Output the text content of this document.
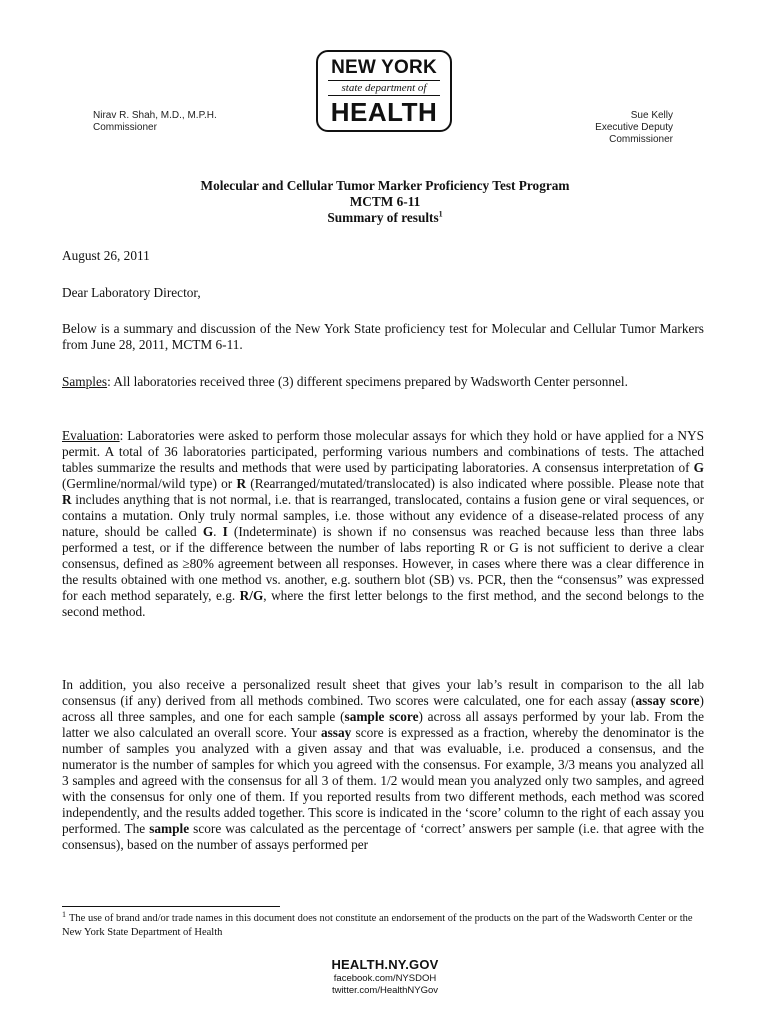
NEW YORK
state department of
HEALTH
Nirav R. Shah, M.D., M.P.H.
Commissioner
Sue Kelly
Executive Deputy Commissioner
Molecular and Cellular Tumor Marker Proficiency Test Program
MCTM 6-11
Summary of results$^1$
August 26, 2011
Dear Laboratory Director,
Below is a summary and discussion of the New York State proficiency test for Molecular and Cellular Tumor Markers from June 28, 2011, MCTM 6-11.
Samples: All laboratories received three (3) different specimens prepared by Wadsworth Center personnel.
Evaluation: Laboratories were asked to perform those molecular assays for which they hold or have applied for a NYS permit. A total of 36 laboratories participated, performing various numbers and combinations of tests. The attached tables summarize the results and methods that were used by participating laboratories. A consensus interpretation of G (Germline/normal/wild type) or R (Rearranged/mutated/translocated) is also indicated where possible. Please note that R includes anything that is not normal, i.e. that is rearranged, translocated, contains a fusion gene or viral sequences, or contains a mutation. Only truly normal samples, i.e. those without any evidence of a disease-related process of any nature, should be called G. I (Indeterminate) is shown if no consensus was reached because less than three labs performed a test, or if the difference between the number of labs reporting R or G is not sufficient to derive a clear consensus, defined as ≥80% agreement between all responses. However, in cases where there was a clear difference in the results obtained with one method vs. another, e.g. southern blot (SB) vs. PCR, then the “consensus” was expressed for each method separately, e.g. R/G, where the first letter belongs to the first method, and the second belongs to the second method.
In addition, you also receive a personalized result sheet that gives your lab’s result in comparison to the all lab consensus (if any) derived from all methods combined. Two scores were calculated, one for each assay (assay score) across all three samples, and one for each sample (sample score) across all assays performed by your lab. From the latter we also calculated an overall score. Your assay score is expressed as a fraction, whereby the denominator is the number of samples you analyzed with a given assay and that was evaluable, i.e. produced a consensus, and the numerator is the number of samples for which you agreed with the consensus. For example, 3/3 means you analyzed all 3 samples and agreed with the consensus for all 3 of them. 1/2 would mean you analyzed only two samples, and agreed with the consensus for only one of them. If you reported results from two different methods, each method was scored independently, and the results added together. This score is indicated in the ‘score’ column to the right of each assay you performed. The sample score was calculated as the percentage of ‘correct’ answers per sample (i.e. that agree with the consensus), based on the number of assays performed per
$^1$ The use of brand and/or trade names in this document does not constitute an endorsement of the products on the part of the Wadsworth Center or the New York State Department of Health
HEALTH.NY.GOV
facebook.com/NYSDOH
twitter.com/HealthNYGov
